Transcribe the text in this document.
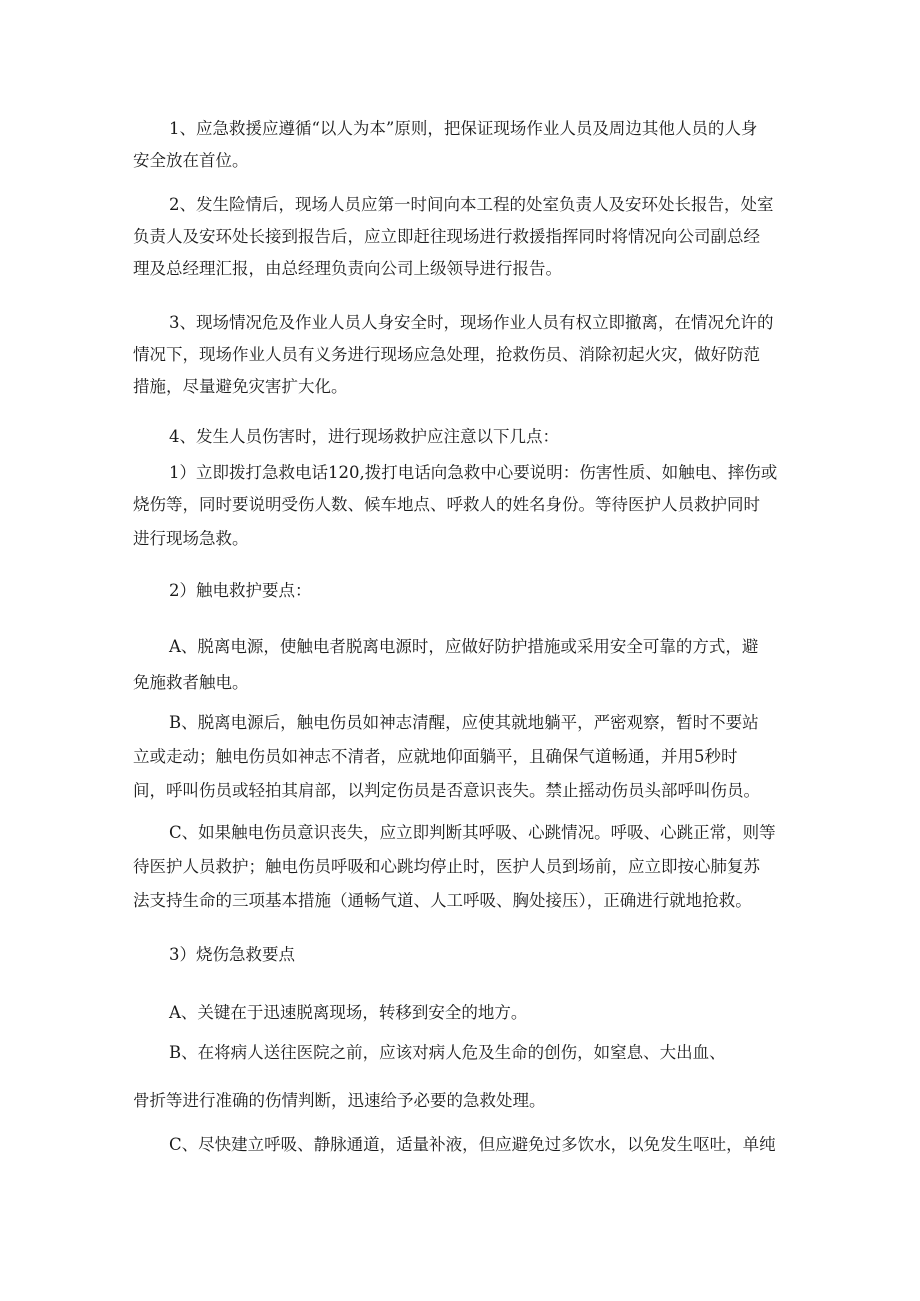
1、应急救援应遵循“以人为本”原则，把保证现场作业人员及周边其他人员的人身
安全放在首位。
2、发生险情后，现场人员应第一时间向本工程的处室负责人及安环处长报告，处室
负责人及安环处长接到报告后，应立即赶往现场进行救援指挥同时将情况向公司副总经
理及总经理汇报，由总经理负责向公司上级领导进行报告。
3、现场情况危及作业人员人身安全时，现场作业人员有权立即撤离，在情况允许的
情况下，现场作业人员有义务进行现场应急处理，抢救伤员、消除初起火灾，做好防范
措施，尽量避免灾害扩大化。
4、发生人员伤害时，进行现场救护应注意以下几点：
1）立即拨打急救电话120,拨打电话向急救中心要说明：伤害性质、如触电、摔伤或
烧伤等，同时要说明受伤人数、候车地点、呼救人的姓名身份。等待医护人员救护同时
进行现场急救。
2）触电救护要点：
A、脱离电源，使触电者脱离电源时，应做好防护措施或采用安全可靠的方式，避
免施救者触电。
B、脱离电源后，触电伤员如神志清醒，应使其就地躺平，严密观察，暂时不要站
立或走动；触电伤员如神志不清者，应就地仰面躺平，且确保气道畅通，并用5秒时
间，呼叫伤员或轻拍其肩部，以判定伤员是否意识丧失。禁止摇动伤员头部呼叫伤员。
C、如果触电伤员意识丧失，应立即判断其呼吸、心跳情况。呼吸、心跳正常，则等
待医护人员救护；触电伤员呼吸和心跳均停止时，医护人员到场前，应立即按心肺复苏
法支持生命的三项基本措施（通畅气道、人工呼吸、胸处接压），正确进行就地抢救。
3）烧伤急救要点
A、关键在于迅速脱离现场，转移到安全的地方。
B、在将病人送往医院之前，应该对病人危及生命的创伤，如窒息、大出血、
骨折等进行准确的伤情判断，迅速给予必要的急救处理。
C、尽快建立呼吸、静脉通道，适量补液，但应避免过多饮水，以免发生呕吐，单纯
